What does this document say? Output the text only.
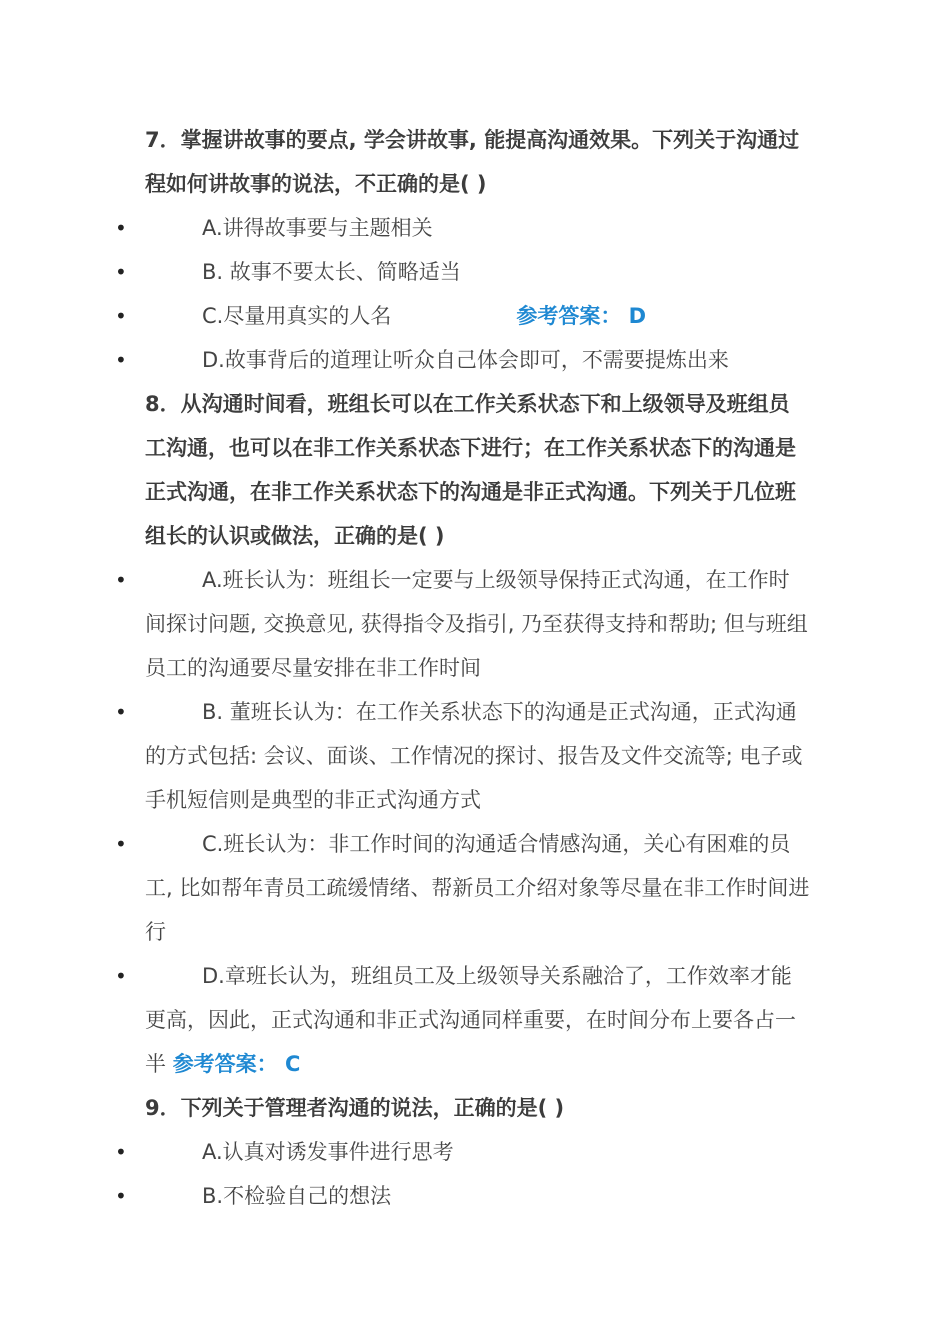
7．掌握讲故事的要点, 学会讲故事, 能提高沟通效果。下列关于沟通过程如何讲故事的说法，不正确的是( )
•	A.讲得故事要与主题相关
•	B. 故事不要太长、简略适当
•	C.尽量用真实的人名	参考答案： D
•	D.故事背后的道理让听众自己体会即可，不需要提炼出来
8．从沟通时间看，班组长可以在工作关系状态下和上级领导及班组员工沟通，也可以在非工作关系状态下进行；在工作关系状态下的沟通是正式沟通，在非工作关系状态下的沟通是非正式沟通。下列关于几位班组长的认识或做法，正确的是( )
•	A.班长认为：班组长一定要与上级领导保持正式沟通，在工作时间探讨问题, 交换意见, 获得指令及指引, 乃至获得支持和帮助; 但与班组员工的沟通要尽量安排在非工作时间
•	B. 董班长认为：在工作关系状态下的沟通是正式沟通，正式沟通的方式包括: 会议、面谈、工作情况的探讨、报告及文件交流等; 电子或手机短信则是典型的非正式沟通方式
•	C.班长认为：非工作时间的沟通适合情感沟通，关心有困难的员工, 比如帮年青员工疏缓情绪、帮新员工介绍对象等尽量在非工作时间进行
•	D.章班长认为，班组员工及上级领导关系融洽了，工作效率才能更高，因此，正式沟通和非正式沟通同样重要，在时间分布上要各占一半 参考答案： C
9．下列关于管理者沟通的说法，正确的是( )
•	A.认真对诱发事件进行思考
•	B.不检验自己的想法
